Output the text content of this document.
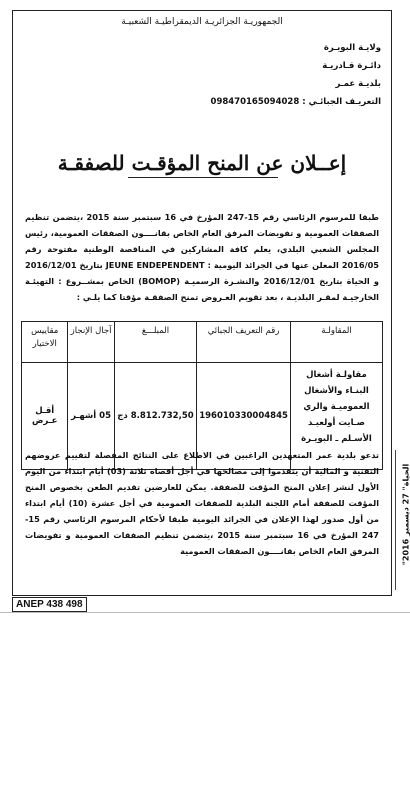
الجمهوريـة الجزائريـة الديمقراطيـة الشعبيـة
ولايـة البويـرة
دائـرة قـادريـة
بلديـة عمـر
التعريـف الجبائـي : 098470165094028
إعــلان عن المنح المؤقـت للصفقـة
طبقا للمرسوم الرئاسي رقم 15-247 المؤرخ في 16 سبتمبر سنة 2015 ،يتضمن تنظيم الصفقات العمومية و تفويضات المرفق العام الخاص بقانــــون الصفقات العمومية، رئيس المجلس الشعبي البلدي، يعلم كافة المشاركين في المناقصة الوطنية مفتوحة رقم 2016/05 المعلن عنها في الجرائد اليومية : JEUNE ENDEPENDENT بتاريخ 2016/12/01 و الحياة بتاريخ 2016/12/01 والنشـرة الرسميـة (BOMOP) الخاص بمشــروع : التهيئـة الخارجيـة لمقـر البلديـة ، بعد تقويم العـروض تمنح الصفقـة مؤقتا كما يلـي :
المقاولـة	رقم التعريف الجبائي	المبلـــغ	آجال الإنجاز	مقاييس الاختيار
مقاولـة أشغال البنـاء والأشغال العموميـة والري صـايت أولعيـد الأسـلم ـ البويـرة	196010330004845	8.812.732,50 دج	05 أشهـر	أقـل عـرض
تدعو بلدية عمر المتعهدين الراغبين في الاطلاع على النتائج المفصلة لتقييم عروضهم التقنية و المالية أن يتقدموا إلى مصالحها في أجل أقصاه ثلاثة (03) أيام ابتداء من اليوم الأول لنشر إعلان المنح المؤقت للصفقة. يمكن للعارضين تقديم الطعن بخصوص المنح المؤقت للصفقة أمام اللجنة البلدية للصفقات العمومية في أجل عشرة (10) أيام ابتداء من أول صدور لهذا الإعلان في الجرائد اليومية طبقا لأحكام المرسوم الرئاسي رقم 15-247 المؤرخ في 16 سبتمبر سنة 2015 ،يتضمن تنظيم الصفقات العمومية و تفويضات المرفق العام الخاص بقانــــون الصفقات العمومية
ANEP 438 498
"الحياة" 27 ديسمبر 2016
